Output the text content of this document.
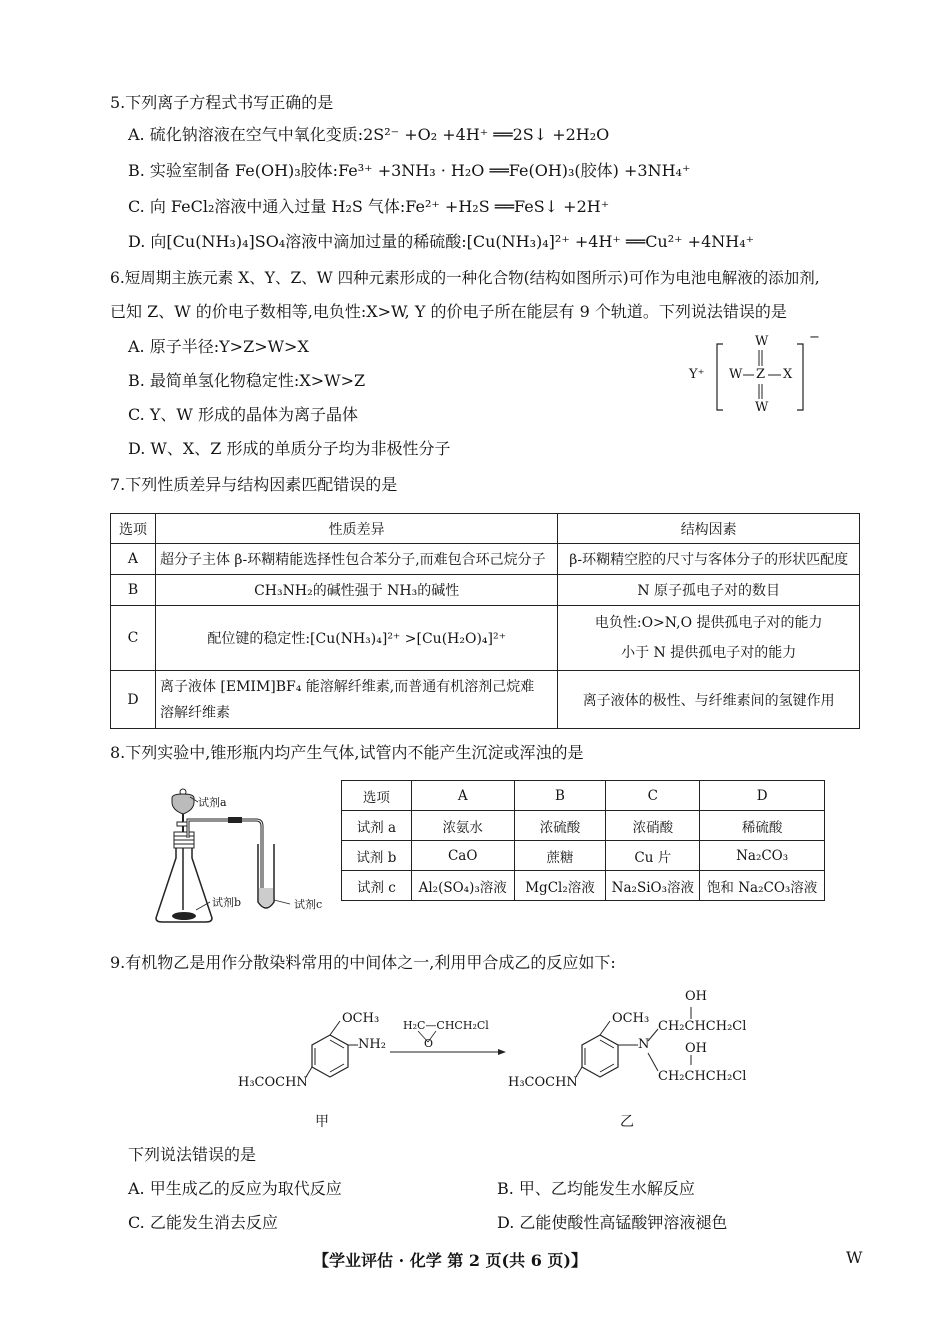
5.下列离子方程式书写正确的是
A. 硫化钠溶液在空气中氧化变质:2S²⁻ +O₂ +4H⁺ ══2S↓ +2H₂O
B. 实验室制备 Fe(OH)₃胶体:Fe³⁺ +3NH₃ · H₂O ══Fe(OH)₃(胶体) +3NH₄⁺
C. 向 FeCl₂溶液中通入过量 H₂S 气体:Fe²⁺ +H₂S ══FeS↓ +2H⁺
D. 向[Cu(NH₃)₄]SO₄溶液中滴加过量的稀硫酸:[Cu(NH₃)₄]²⁺ +4H⁺ ══Cu²⁺ +4NH₄⁺
6.短周期主族元素 X、Y、Z、W 四种元素形成的一种化合物(结构如图所示)可作为电池电解液的添加剂,
已知 Z、W 的价电子数相等,电负性:X>W, Y 的价电子所在能层有 9 个轨道。下列说法错误的是
A. 原子半径:Y>Z>W>X
B. 最简单氢化物稳定性:X>W>Z
C. Y、W 形成的晶体为离子晶体
D. W、X、Z 形成的单质分子均为非极性分子
Y⁺
W
W Z X
W
−
7.下列性质差异与结构因素匹配错误的是
选项	性质差异	结构因素
A	超分子主体 β-环糊精能选择性包合苯分子,而难包合环己烷分子	β-环糊精空腔的尺寸与客体分子的形状匹配度
B	CH₃NH₂的碱性强于 NH₃的碱性	N 原子孤电子对的数目
C	配位键的稳定性:[Cu(NH₃)₄]²⁺ >[Cu(H₂O)₄]²⁺	电负性:O>N,O 提供孤电子对的能力
小于 N 提供孤电子对的能力

D	离子液体 [EMIM]BF₄ 能溶解纤维素,而普通有机溶剂己烷难
溶解纤维素	离子液体的极性、与纤维素间的氢键作用
8.下列实验中,锥形瓶内均产生气体,试管内不能产生沉淀或浑浊的是
试剂a
试剂b	试剂c
选项	A	B	C	D
试剂 a	浓氨水	浓硫酸	浓硝酸	稀硫酸
试剂 b	CaO	蔗糖	Cu 片	Na₂CO₃
试剂 c	Al₂(SO₄)₃溶液	MgCl₂溶液	Na₂SiO₃溶液	饱和 Na₂CO₃溶液
9.有机物乙是用作分散染料常用的中间体之一,利用甲合成乙的反应如下:
OCH₃
NH₂
H₃COCHN
H₂C—CHCH₂Cl
O
OCH₃
N
OH
CH₂CHCH₂Cl
OH
CH₂CHCH₂Cl
H₃COCHN
甲	乙
下列说法错误的是
A. 甲生成乙的反应为取代反应	B. 甲、乙均能发生水解反应
C. 乙能发生消去反应	D. 乙能使酸性高锰酸钾溶液褪色
【学业评估 · 化学 第 2 页(共 6 页)】	W
